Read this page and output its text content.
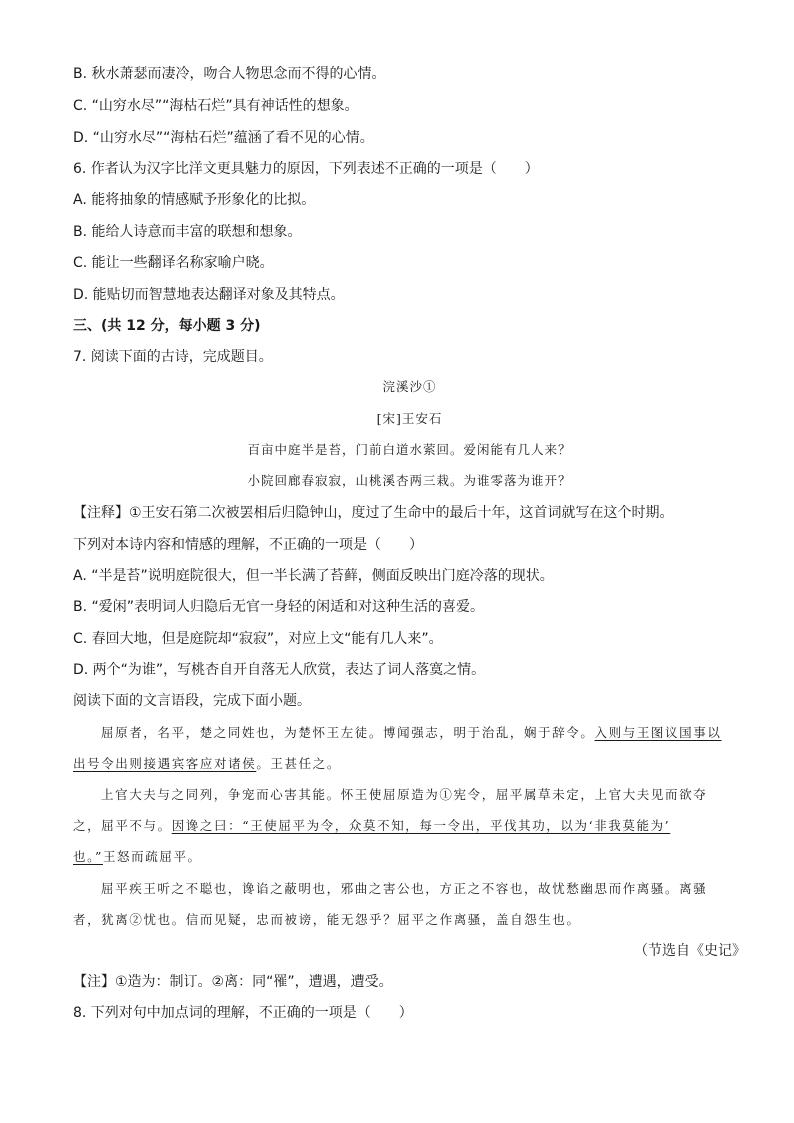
B. 秋水萧瑟而凄冷，吻合人物思念而不得的心情。
C. “山穷水尽”“海枯石烂”具有神话性的想象。
D. “山穷水尽”“海枯石烂”蕴涵了看不见的心情。
6. 作者认为汉字比洋文更具魅力的原因，下列表述不正确的一项是（　　）
A. 能将抽象的情感赋予形象化的比拟。
B. 能给人诗意而丰富的联想和想象。
C. 能让一些翻译名称家喻户晓。
D. 能贴切而智慧地表达翻译对象及其特点。
三、(共 12 分，每小题 3 分)
7. 阅读下面的古诗，完成题目。
浣溪沙①
[宋]王安石
百亩中庭半是苔，门前白道水萦回。爱闲能有几人来？
小院回廊春寂寂，山桃溪杏两三栽。为谁零落为谁开？
【注释】①王安石第二次被罢相后归隐钟山，度过了生命中的最后十年，这首词就写在这个时期。
下列对本诗内容和情感的理解，不正确的一项是（　　）
A. “半是苔”说明庭院很大，但一半长满了苔藓，侧面反映出门庭冷落的现状。
B. “爱闲”表明词人归隐后无官一身轻的闲适和对这种生活的喜爱。
C. 春回大地，但是庭院却“寂寂”，对应上文“能有几人来”。
D. 两个“为谁”，写桃杏自开自落无人欣赏，表达了词人落寞之情。
阅读下面的文言语段，完成下面小题。
屈原者，名平，楚之同姓也，为楚怀王左徒。博闻强志，明于治乱，娴于辞令。入则与王图议国事以
出号令出则接遇宾客应对诸侯。王甚任之。
上官大夫与之同列，争宠而心害其能。怀王使屈原造为①宪令，屈平属草未定，上官大夫见而欲夺
之，屈平不与。因谗之曰：“王使屈平为令，众莫不知，每一令出，平伐其功，以为‘非我莫能为’
也。”王怒而疏屈平。
屈平疾王听之不聪也，谗谄之蔽明也，邪曲之害公也，方正之不容也，故忧愁幽思而作离骚。离骚
者，犹离②忧也。信而见疑，忠而被谤，能无怨乎？屈平之作离骚，盖自怨生也。
（节选自《史记》
【注】①造为：制订。②离：同“罹”，遭遇，遭受。
8. 下列对句中加点词的理解，不正确的一项是（　　）
